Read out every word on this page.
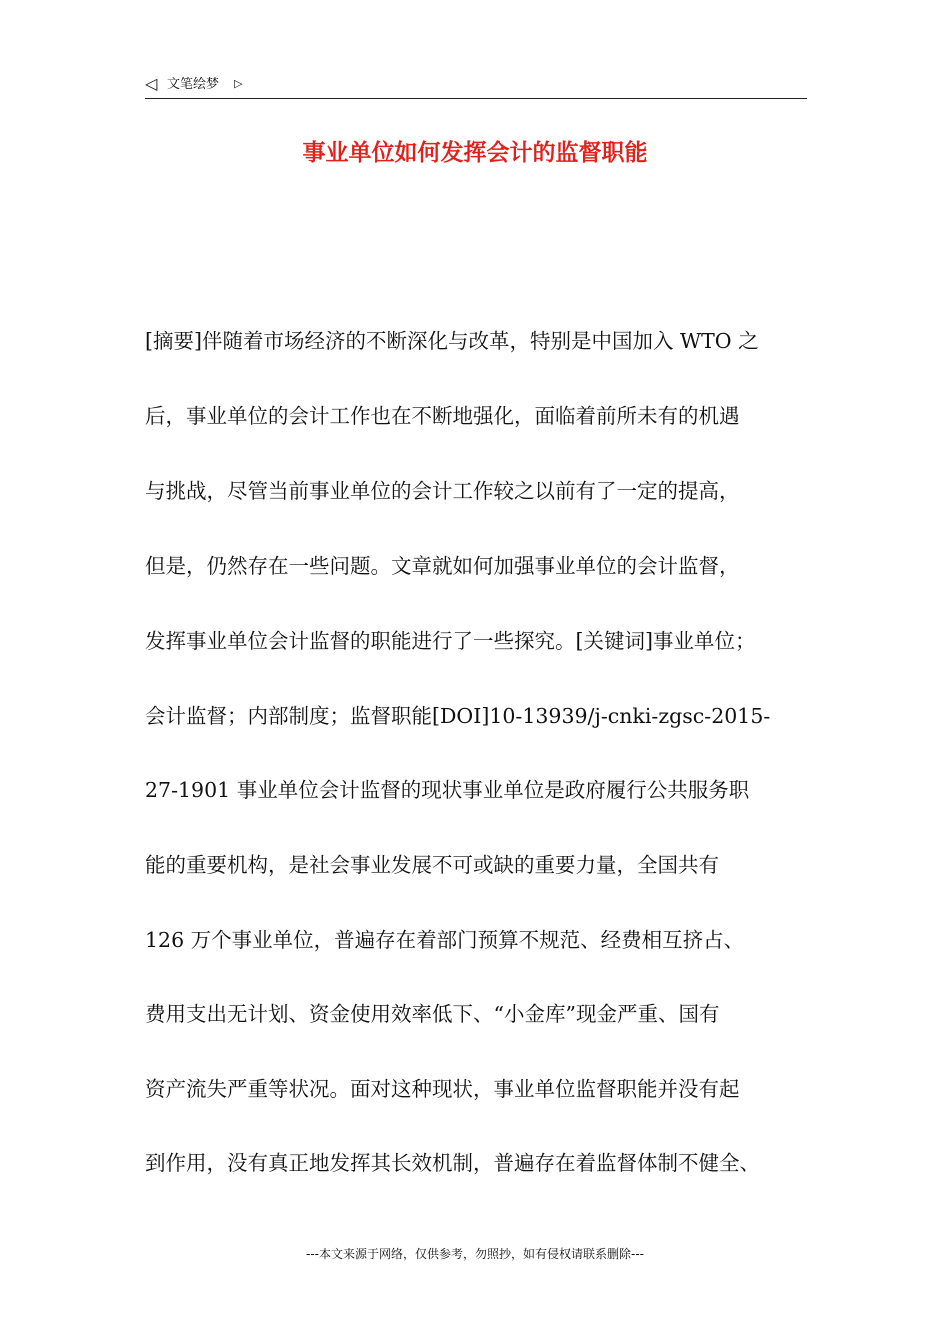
◁ 文笔绘梦 ▷
事业单位如何发挥会计的监督职能
[摘要]伴随着市场经济的不断深化与改革，特别是中国加入 WTO 之
后，事业单位的会计工作也在不断地强化，面临着前所未有的机遇
与挑战，尽管当前事业单位的会计工作较之以前有了一定的提高，
但是，仍然存在一些问题。文章就如何加强事业单位的会计监督，
发挥事业单位会计监督的职能进行了一些探究。[关键词]事业单位；
会计监督；内部制度；监督职能[DOI]10-13939/j-cnki-zgsc-2015-
27-1901 事业单位会计监督的现状事业单位是政府履行公共服务职
能的重要机构，是社会事业发展不可或缺的重要力量，全国共有
126 万个事业单位，普遍存在着部门预算不规范、经费相互挤占、
费用支出无计划、资金使用效率低下、“小金库”现金严重、国有
资产流失严重等状况。面对这种现状，事业单位监督职能并没有起
到作用，没有真正地发挥其长效机制，普遍存在着监督体制不健全、
---本文来源于网络，仅供参考，勿照抄，如有侵权请联系删除---
